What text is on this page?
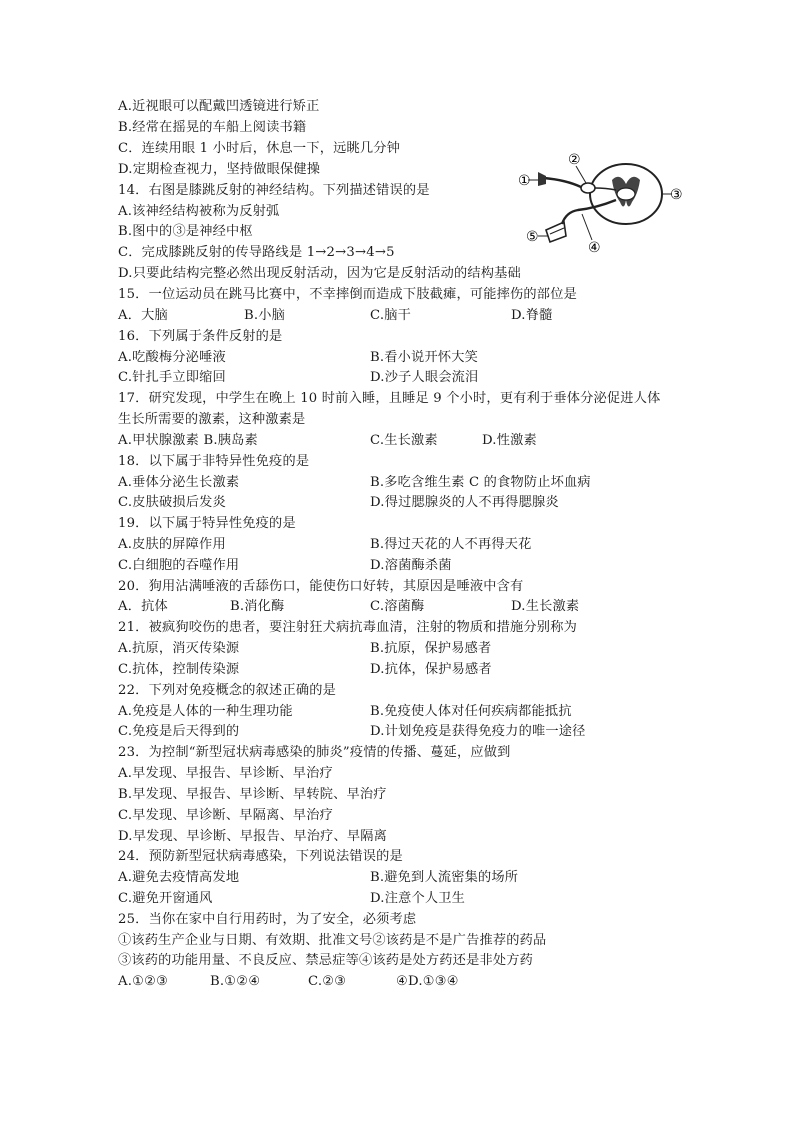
A.近视眼可以配戴凹透镜进行矫正
B.经常在摇晃的车船上阅读书籍
C．连续用眼 1 小时后，休息一下，远眺几分钟
D.定期检查视力，坚持做眼保健操
14．右图是膝跳反射的神经结构。下列描述错误的是
A.该神经结构被称为反射弧
B.图中的③是神经中枢
C．完成膝跳反射的传导路线是 1→2→3→4→5
D.只要此结构完整必然出现反射活动，因为它是反射活动的结构基础
①
②
③
④
⑤
15．一位运动员在跳马比赛中，不幸摔倒而造成下肢截瘫，可能摔伤的部位是
A．大脑	B.小脑	C.脑干	D.脊髓
16．下列属于条件反射的是
A.吃酸梅分泌唾液	B.看小说开怀大笑
C.针扎手立即缩回	D.沙子人眼会流泪
17．研究发现，中学生在晚上 10 时前入睡，且睡足 9 个小时，更有利于垂体分泌促进人体
生长所需要的激素，这种激素是
A.甲状腺激素 B.胰岛素	C.生长激素	D.性激素
18．以下属于非特异性免疫的是
A.垂体分泌生长激素	B.多吃含维生素 C 的食物防止坏血病
C.皮肤破损后发炎	D.得过腮腺炎的人不再得腮腺炎
19．以下属于特异性免疫的是
A.皮肤的屏障作用	B.得过天花的人不再得天花
C.白细胞的吞噬作用	D.溶菌酶杀菌
20．狗用沾满唾液的舌舔伤口，能使伤口好转，其原因是唾液中含有
A．抗体	B.消化酶	C.溶菌酶	D.生长激素
21．被疯狗咬伤的患者，要注射狂犬病抗毒血清，注射的物质和措施分别称为
A.抗原，消灭传染源	B.抗原，保护易感者
C.抗体，控制传染源	D.抗体，保护易感者
22．下列对免疫概念的叙述正确的是
A.免疫是人体的一种生理功能	B.免疫使人体对任何疾病都能抵抗
C.免疫是后天得到的	D.计划免疫是获得免疫力的唯一途径
23．为控制“新型冠状病毒感染的肺炎”疫情的传播、蔓延，应做到
A.早发现、早报告、早诊断、早治疗
B.早发现、早报告、早诊断、早转院、早治疗
C.早发现、早诊断、早隔离、早治疗
D.早发现、早诊断、早报告、早治疗、早隔离
24．预防新型冠状病毒感染，下列说法错误的是
A.避免去疫情高发地	B.避免到人流密集的场所
C.避免开窗通风	D.注意个人卫生
25．当你在家中自行用药时，为了安全，必须考虑
①该药生产企业与日期、有效期、批准文号②该药是不是广告推荐的药品
③该药的功能用量、不良反应、禁忌症等④该药是处方药还是非处方药
A.①②③	B.①②④	C.②③	④D.①③④
